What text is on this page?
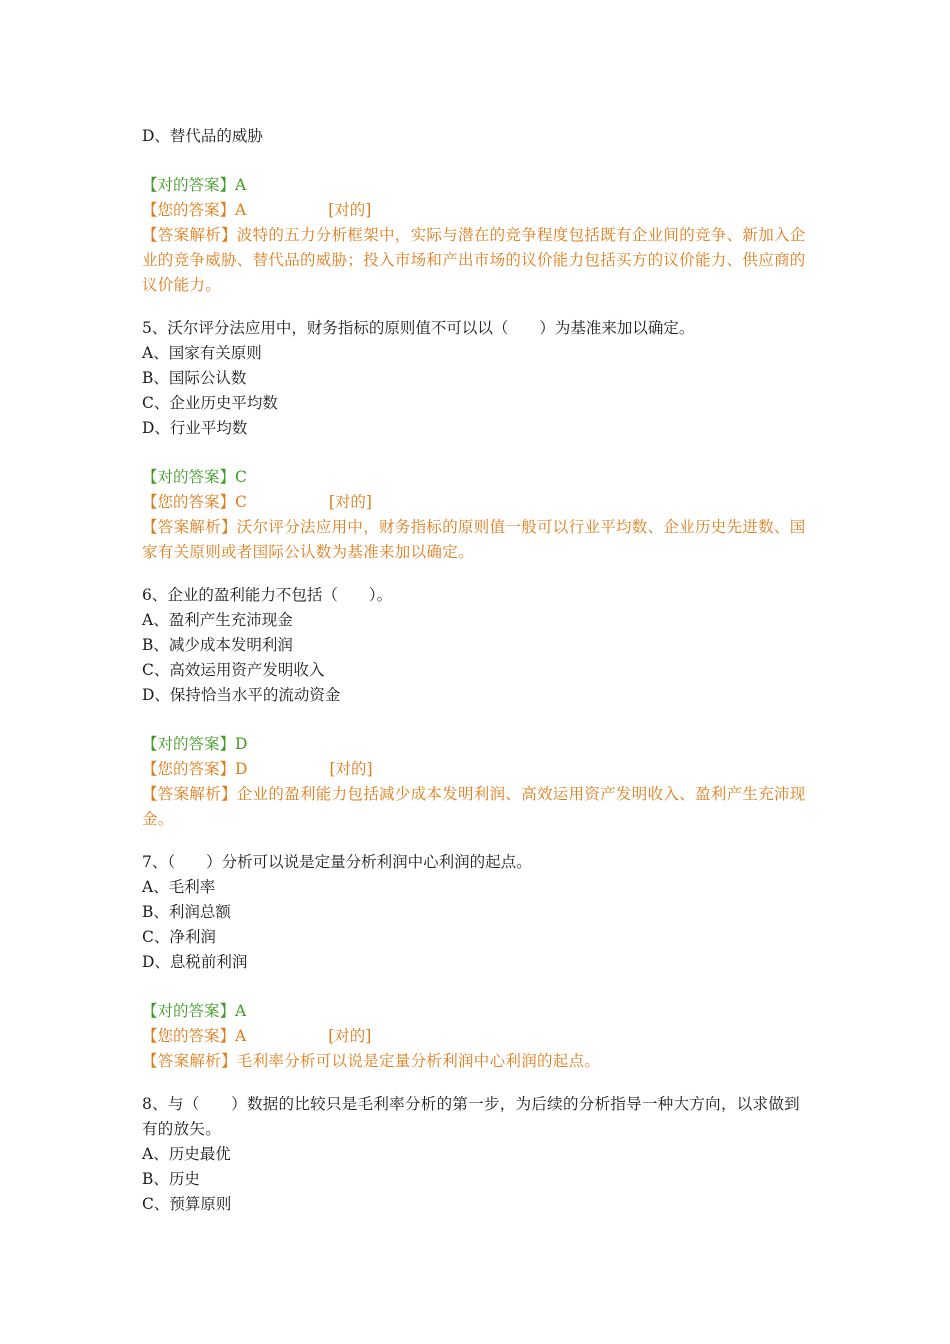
D、替代品的威胁
【对的答案】A
【您的答案】A	[对的]
【答案解析】波特的五力分析框架中，实际与潜在的竞争程度包括既有企业间的竞争、新加入企业的竞争威胁、替代品的威胁；投入市场和产出市场的议价能力包括买方的议价能力、供应商的议价能力。
5、沃尔评分法应用中，财务指标的原则值不可以以（　　）为基准来加以确定。
A、国家有关原则
B、国际公认数
C、企业历史平均数
D、行业平均数
【对的答案】C
【您的答案】C	[对的]
【答案解析】沃尔评分法应用中，财务指标的原则值一般可以行业平均数、企业历史先进数、国家有关原则或者国际公认数为基准来加以确定。
6、企业的盈利能力不包括（　　）。
A、盈利产生充沛现金
B、减少成本发明利润
C、高效运用资产发明收入
D、保持恰当水平的流动资金
【对的答案】D
【您的答案】D	[对的]
【答案解析】企业的盈利能力包括减少成本发明利润、高效运用资产发明收入、盈利产生充沛现金。
7、（　　）分析可以说是定量分析利润中心利润的起点。
A、毛利率
B、利润总额
C、净利润
D、息税前利润
【对的答案】A
【您的答案】A	[对的]
【答案解析】毛利率分析可以说是定量分析利润中心利润的起点。
8、与（　　）数据的比较只是毛利率分析的第一步，为后续的分析指导一种大方向，以求做到有的放矢。
A、历史最优
B、历史
C、预算原则
